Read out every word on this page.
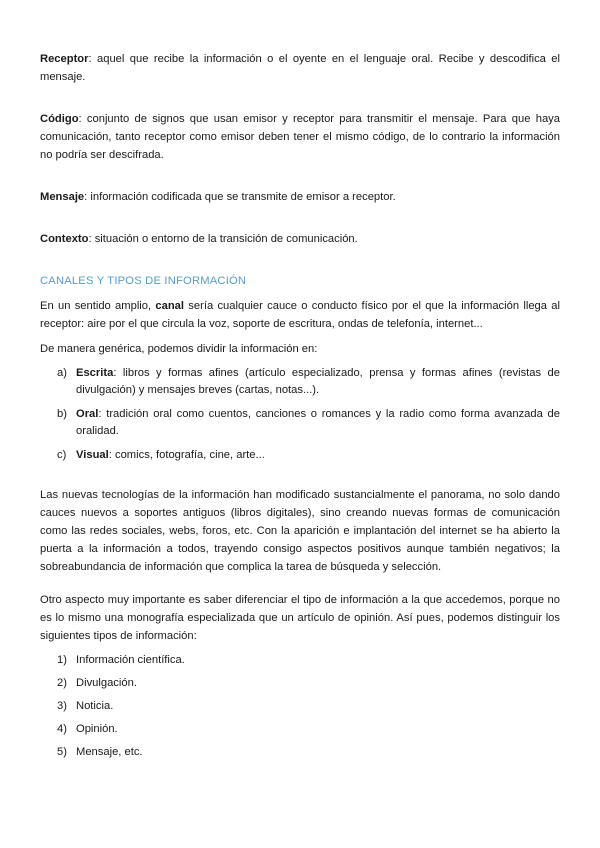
Receptor: aquel que recibe la información o el oyente en el lenguaje oral. Recibe y descodifica el mensaje.

Código: conjunto de signos que usan emisor y receptor para transmitir el mensaje. Para que haya comunicación, tanto receptor como emisor deben tener el mismo código, de lo contrario la información no podría ser descifrada.

Mensaje: información codificada que se transmite de emisor a receptor.

Contexto: situación o entorno de la transición de comunicación.

CANALES Y TIPOS DE INFORMACIÓN

En un sentido amplio, canal sería cualquier cauce o conducto físico por el que la información llega al receptor: aire por el que circula la voz, soporte de escritura, ondas de telefonía, internet...

De manera genérica, podemos dividir la información en:

a) Escrita: libros y formas afines (artículo especializado, prensa y formas afines (revistas de divulgación) y mensajes breves (cartas, notas...).
b) Oral: tradición oral como cuentos, canciones o romances y la radio como forma avanzada de oralidad.
c) Visual: comics, fotografía, cine, arte...

Las nuevas tecnologías de la información han modificado sustancialmente el panorama, no solo dando cauces nuevos a soportes antiguos (libros digitales), sino creando nuevas formas de comunicación como las redes sociales, webs, foros, etc. Con la aparición e implantación del internet se ha abierto la puerta a la información a todos, trayendo consigo aspectos positivos aunque también negativos; la sobreabundancia de información que complica la tarea de búsqueda y selección.

Otro aspecto muy importante es saber diferenciar el tipo de información a la que accedemos, porque no es lo mismo una monografía especializada que un artículo de opinión. Así pues, podemos distinguir los siguientes tipos de información:

1) Información científica.
2) Divulgación.
3) Noticia.
4) Opinión.
5) Mensaje, etc.
